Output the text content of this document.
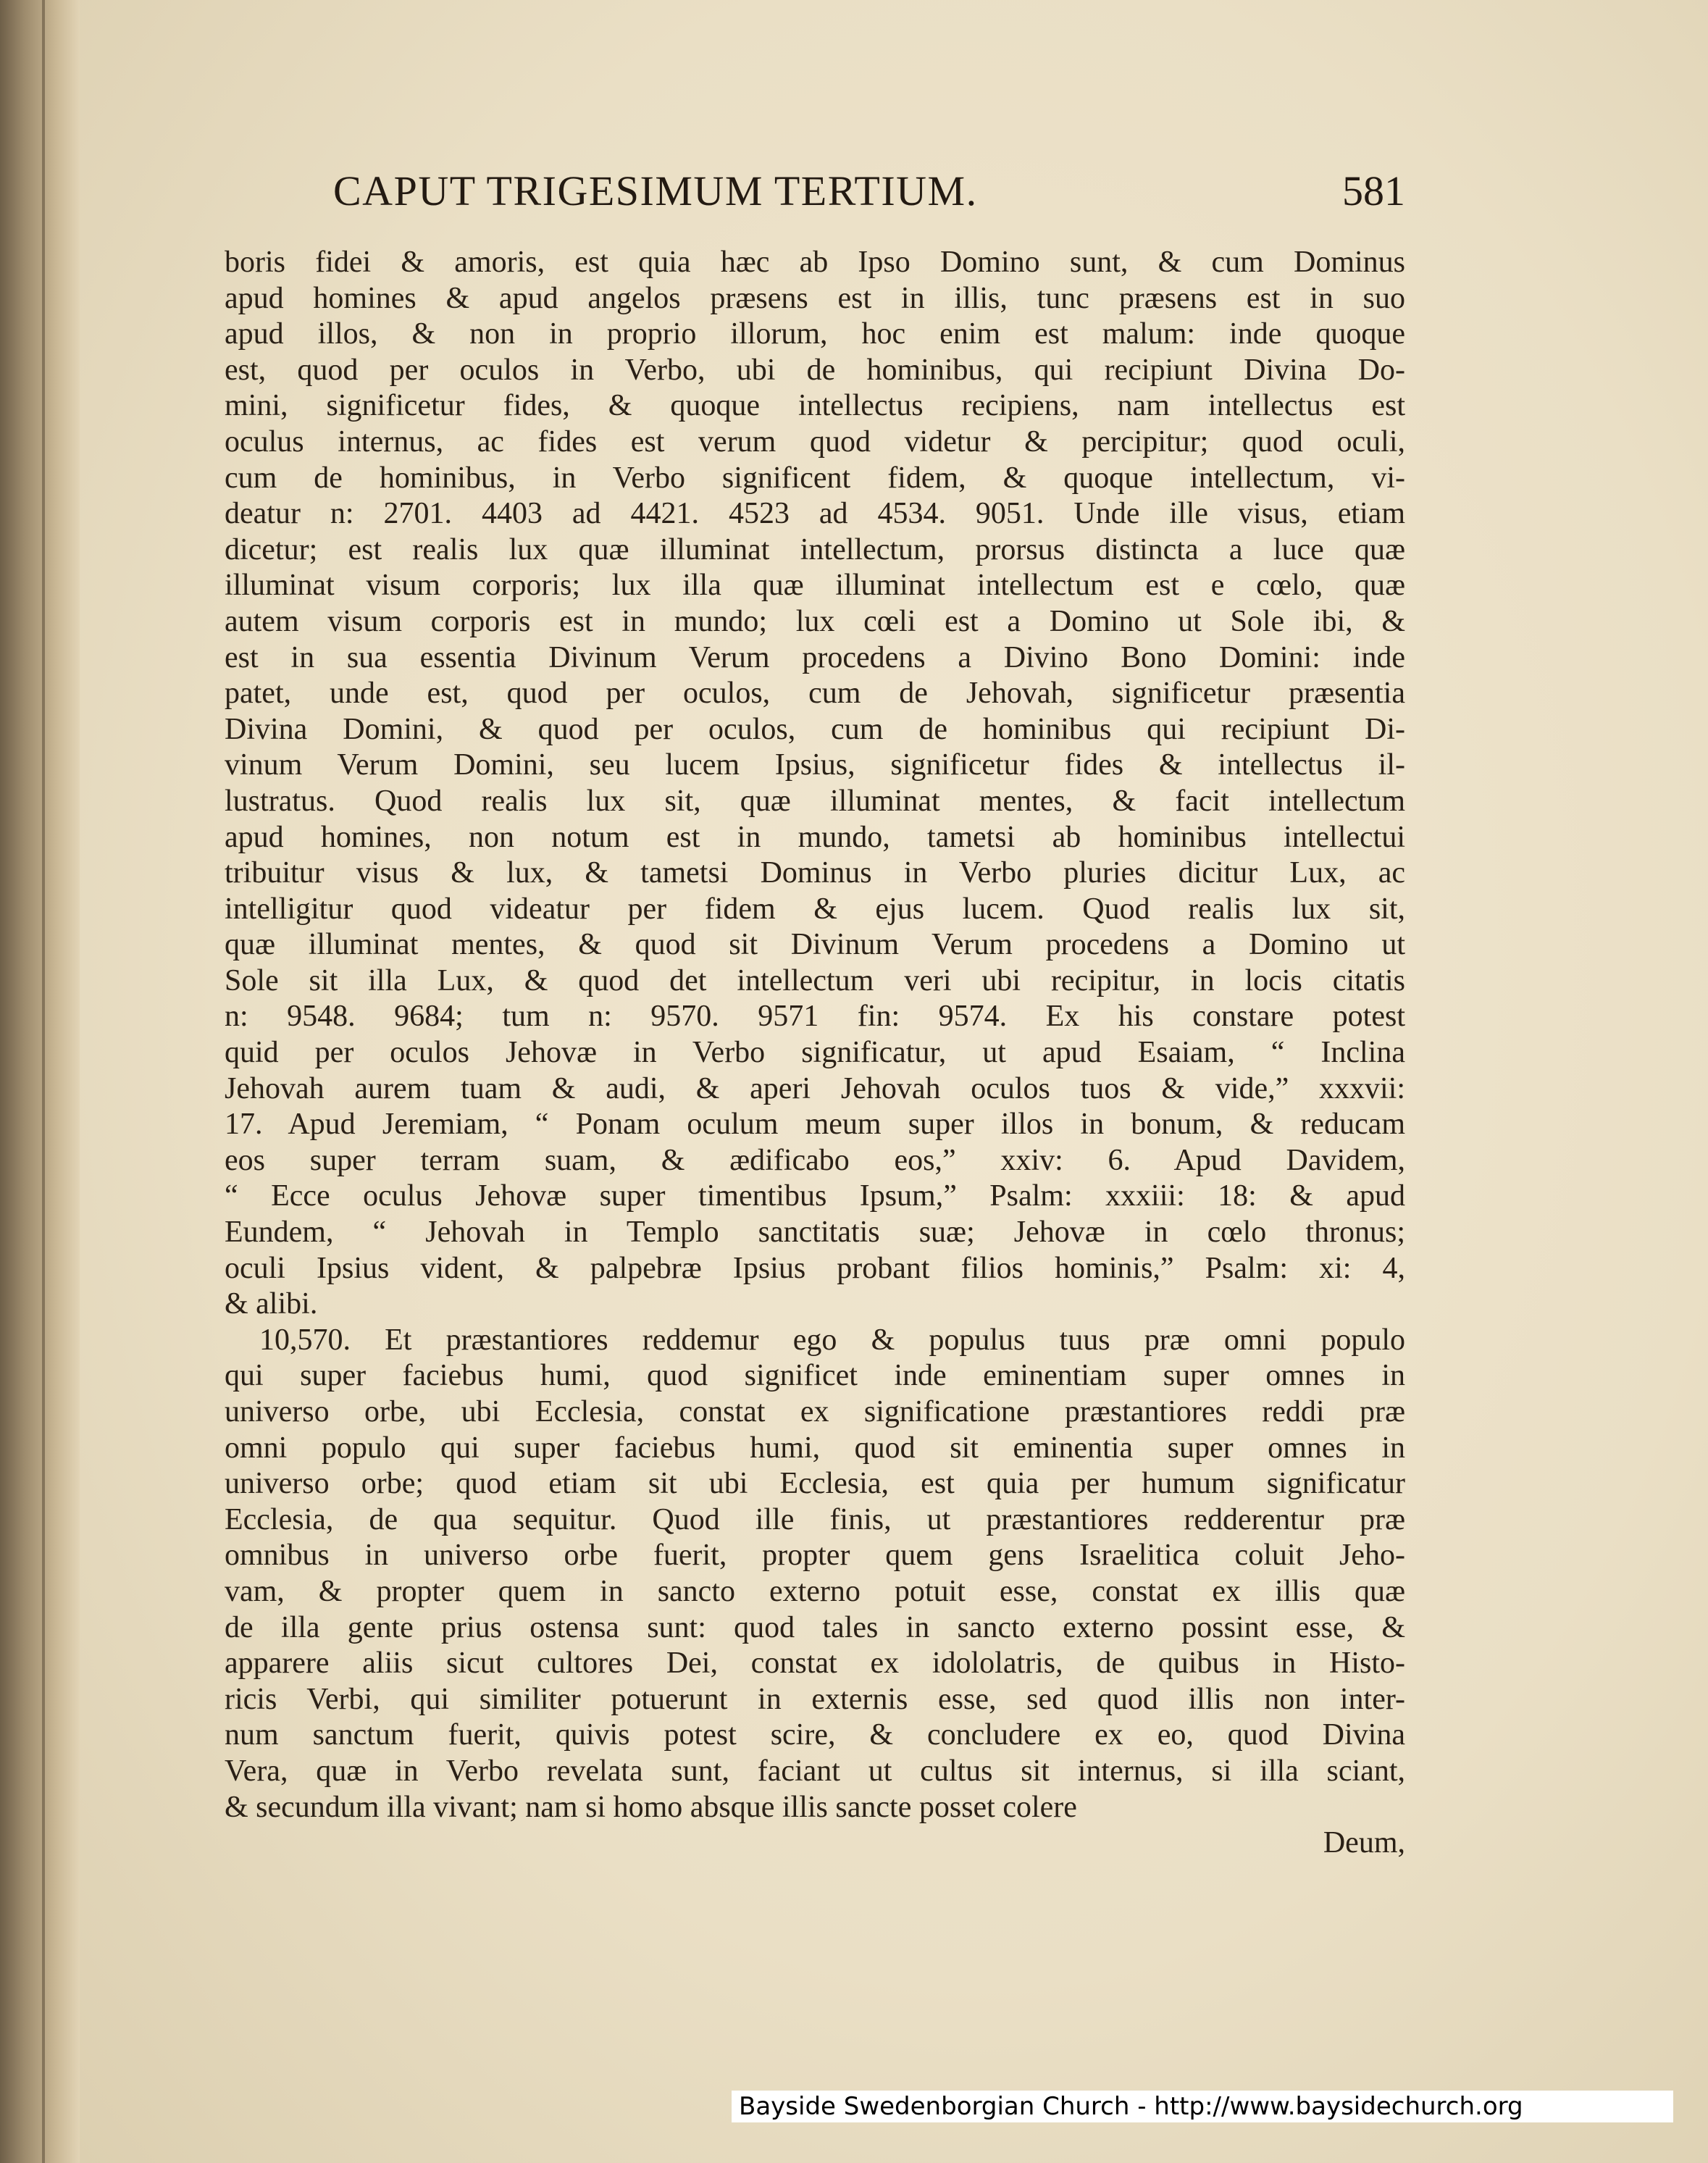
CAPUT TRIGESIMUM TERTIUM.	581
boris fidei & amoris, est quia hæc ab Ipso Domino sunt, & cum Dominus
apud homines & apud angelos præsens est in illis, tunc præsens est in suo
apud illos, & non in proprio illorum, hoc enim est malum: inde quoque
est, quod per oculos in Verbo, ubi de hominibus, qui recipiunt Divina Do-
mini, significetur fides, & quoque intellectus recipiens, nam intellectus est
oculus internus, ac fides est verum quod videtur & percipitur; quod oculi,
cum de hominibus, in Verbo significent fidem, & quoque intellectum, vi-
deatur n: 2701. 4403 ad 4421. 4523 ad 4534. 9051. Unde ille visus, etiam
dicetur; est realis lux quæ illuminat intellectum, prorsus distincta a luce quæ
illuminat visum corporis; lux illa quæ illuminat intellectum est e cœlo, quæ
autem visum corporis est in mundo; lux cœli est a Domino ut Sole ibi, &
est in sua essentia Divinum Verum procedens a Divino Bono Domini: inde
patet, unde est, quod per oculos, cum de Jehovah, significetur præsentia
Divina Domini, & quod per oculos, cum de hominibus qui recipiunt Di-
vinum Verum Domini, seu lucem Ipsius, significetur fides & intellectus il-
lustratus. Quod realis lux sit, quæ illuminat mentes, & facit intellectum
apud homines, non notum est in mundo, tametsi ab hominibus intellectui
tribuitur visus & lux, & tametsi Dominus in Verbo pluries dicitur Lux, ac
intelligitur quod videatur per fidem & ejus lucem. Quod realis lux sit,
quæ illuminat mentes, & quod sit Divinum Verum procedens a Domino ut
Sole sit illa Lux, & quod det intellectum veri ubi recipitur, in locis citatis
n: 9548. 9684; tum n: 9570. 9571 fin: 9574. Ex his constare potest
quid per oculos Jehovæ in Verbo significatur, ut apud Esaiam, “ Inclina
Jehovah aurem tuam & audi, & aperi Jehovah oculos tuos & vide,” xxxvii:
17. Apud Jeremiam, “ Ponam oculum meum super illos in bonum, & reducam
eos super terram suam, & ædificabo eos,” xxiv: 6. Apud Davidem,
“ Ecce oculus Jehovæ super timentibus Ipsum,” Psalm: xxxiii: 18: & apud
Eundem, “ Jehovah in Templo sanctitatis suæ; Jehovæ in cœlo thronus;
oculi Ipsius vident, & palpebræ Ipsius probant filios hominis,” Psalm: xi: 4,
& alibi.
10,570. Et præstantiores reddemur ego & populus tuus præ omni populo
qui super faciebus humi, quod significet inde eminentiam super omnes in
universo orbe, ubi Ecclesia, constat ex significatione præstantiores reddi præ
omni populo qui super faciebus humi, quod sit eminentia super omnes in
universo orbe; quod etiam sit ubi Ecclesia, est quia per humum significatur
Ecclesia, de qua sequitur. Quod ille finis, ut præstantiores redderentur præ
omnibus in universo orbe fuerit, propter quem gens Israelitica coluit Jeho-
vam, & propter quem in sancto externo potuit esse, constat ex illis quæ
de illa gente prius ostensa sunt: quod tales in sancto externo possint esse, &
apparere aliis sicut cultores Dei, constat ex idololatris, de quibus in Histo-
ricis Verbi, qui similiter potuerunt in externis esse, sed quod illis non inter-
num sanctum fuerit, quivis potest scire, & concludere ex eo, quod Divina
Vera, quæ in Verbo revelata sunt, faciant ut cultus sit internus, si illa sciant,
& secundum illa vivant; nam si homo absque illis sancte posset colere
Deum,
Bayside Swedenborgian Church - http://www.baysidechurch.org
